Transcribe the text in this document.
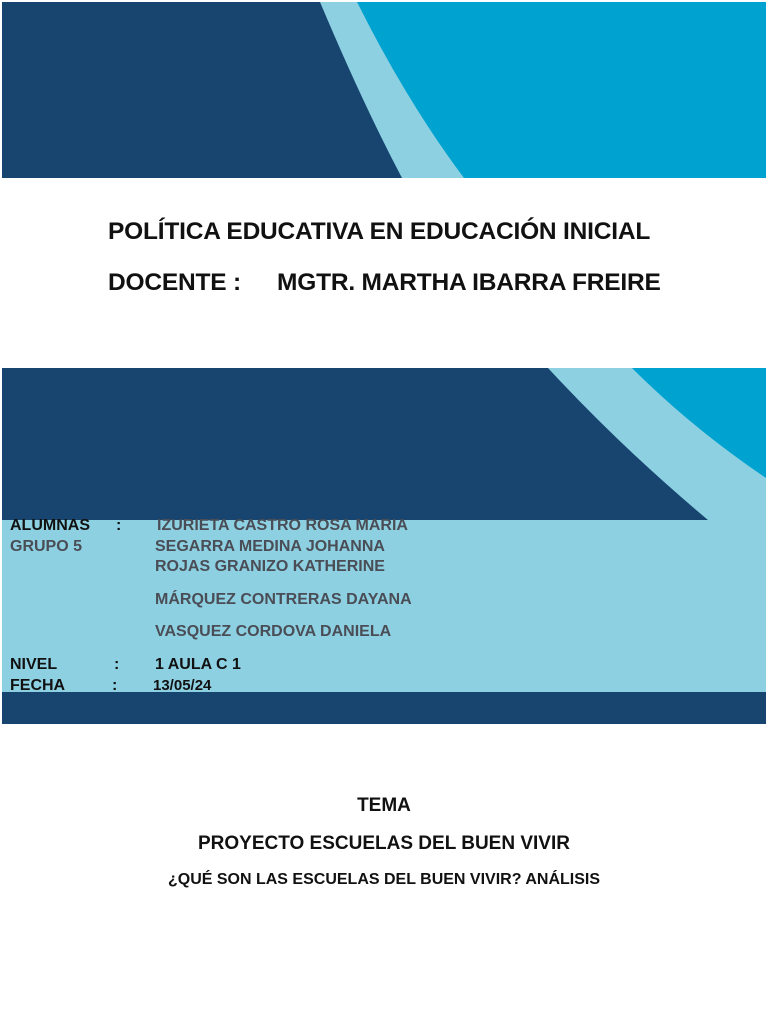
POLÍTICA EDUCATIVA EN EDUCACIÓN INICIAL
DOCENTE : MGTR. MARTHA IBARRA FREIRE
ALUMNAS :
GRUPO 5
IZURIETA CASTRO ROSA MARIA
SEGARRA MEDINA JOHANNA
ROJAS GRANIZO KATHERINE
MÁRQUEZ CONTRERAS DAYANA
VASQUEZ CORDOVA DANIELA
NIVEL	: 1 AULA C 1
FECHA	: 13/05/24
TEMA
PROYECTO ESCUELAS DEL BUEN VIVIR
¿QUÉ SON LAS ESCUELAS DEL BUEN VIVIR? ANÁLISIS
